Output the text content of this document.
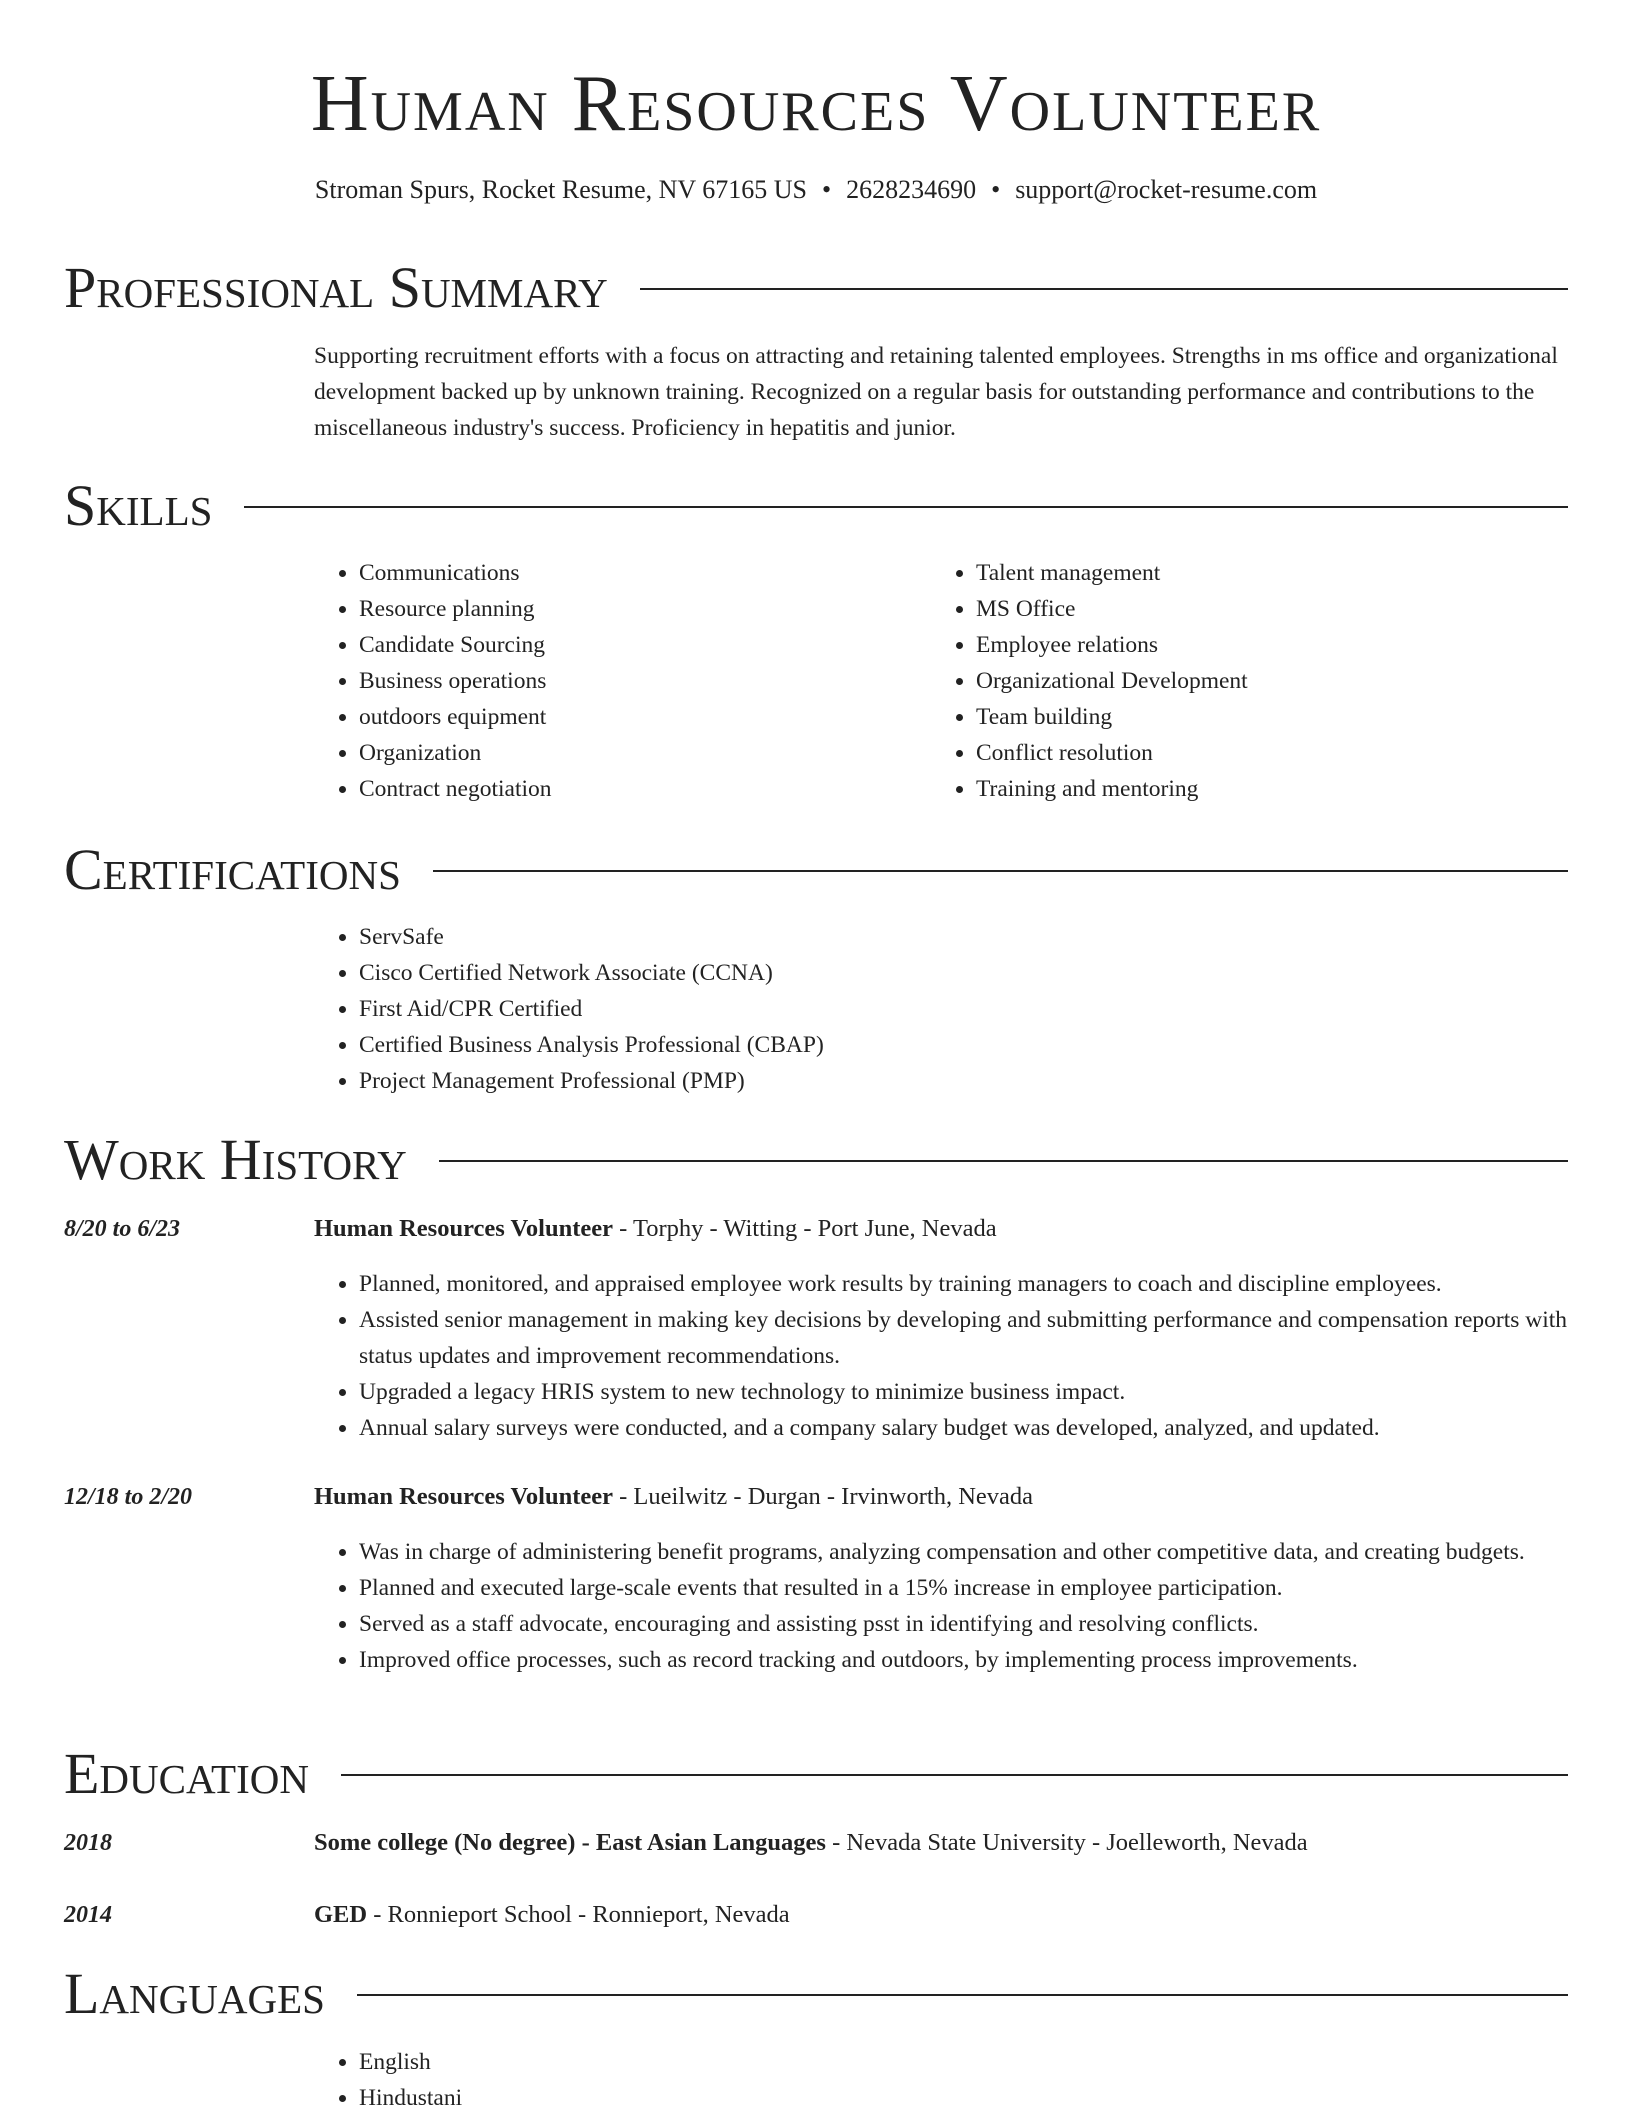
Human Resources Volunteer
Stroman Spurs, Rocket Resume, NV 67165 US • 2628234690 • support@rocket-resume.com
Professional Summary

Supporting recruitment efforts with a focus on attracting and retaining talented employees. Strengths in ms office and organizational development backed up by unknown training. Recognized on a regular basis for outstanding performance and contributions to the miscellaneous industry's success. Proficiency in hepatitis and junior.

Skills
• Communications
• Resource planning
• Candidate Sourcing
• Business operations
• outdoors equipment
• Organization
• Contract negotiation
• Talent management
• MS Office
• Employee relations
• Organizational Development
• Team building
• Conflict resolution
• Training and mentoring
Certifications
• ServSafe
• Cisco Certified Network Associate (CCNA)
• First Aid/CPR Certified
• Certified Business Analysis Professional (CBAP)
• Project Management Professional (PMP)
Work History
8/20 to 6/23	Human Resources Volunteer - Torphy - Witting - Port June, Nevada
• Planned, monitored, and appraised employee work results by training managers to coach and discipline employees.
• Assisted senior management in making key decisions by developing and submitting performance and compensation reports with status updates and improvement recommendations.
• Upgraded a legacy HRIS system to new technology to minimize business impact.
• Annual salary surveys were conducted, and a company salary budget was developed, analyzed, and updated.
12/18 to 2/20	Human Resources Volunteer - Lueilwitz - Durgan - Irvinworth, Nevada
• Was in charge of administering benefit programs, analyzing compensation and other competitive data, and creating budgets.
• Planned and executed large-scale events that resulted in a 15% increase in employee participation.
• Served as a staff advocate, encouraging and assisting psst in identifying and resolving conflicts.
• Improved office processes, such as record tracking and outdoors, by implementing process improvements.
Education
2018	Some college (No degree) - East Asian Languages - Nevada State University - Joelleworth, Nevada
2014	GED - Ronnieport School - Ronnieport, Nevada
Languages
• English
• Hindustani
